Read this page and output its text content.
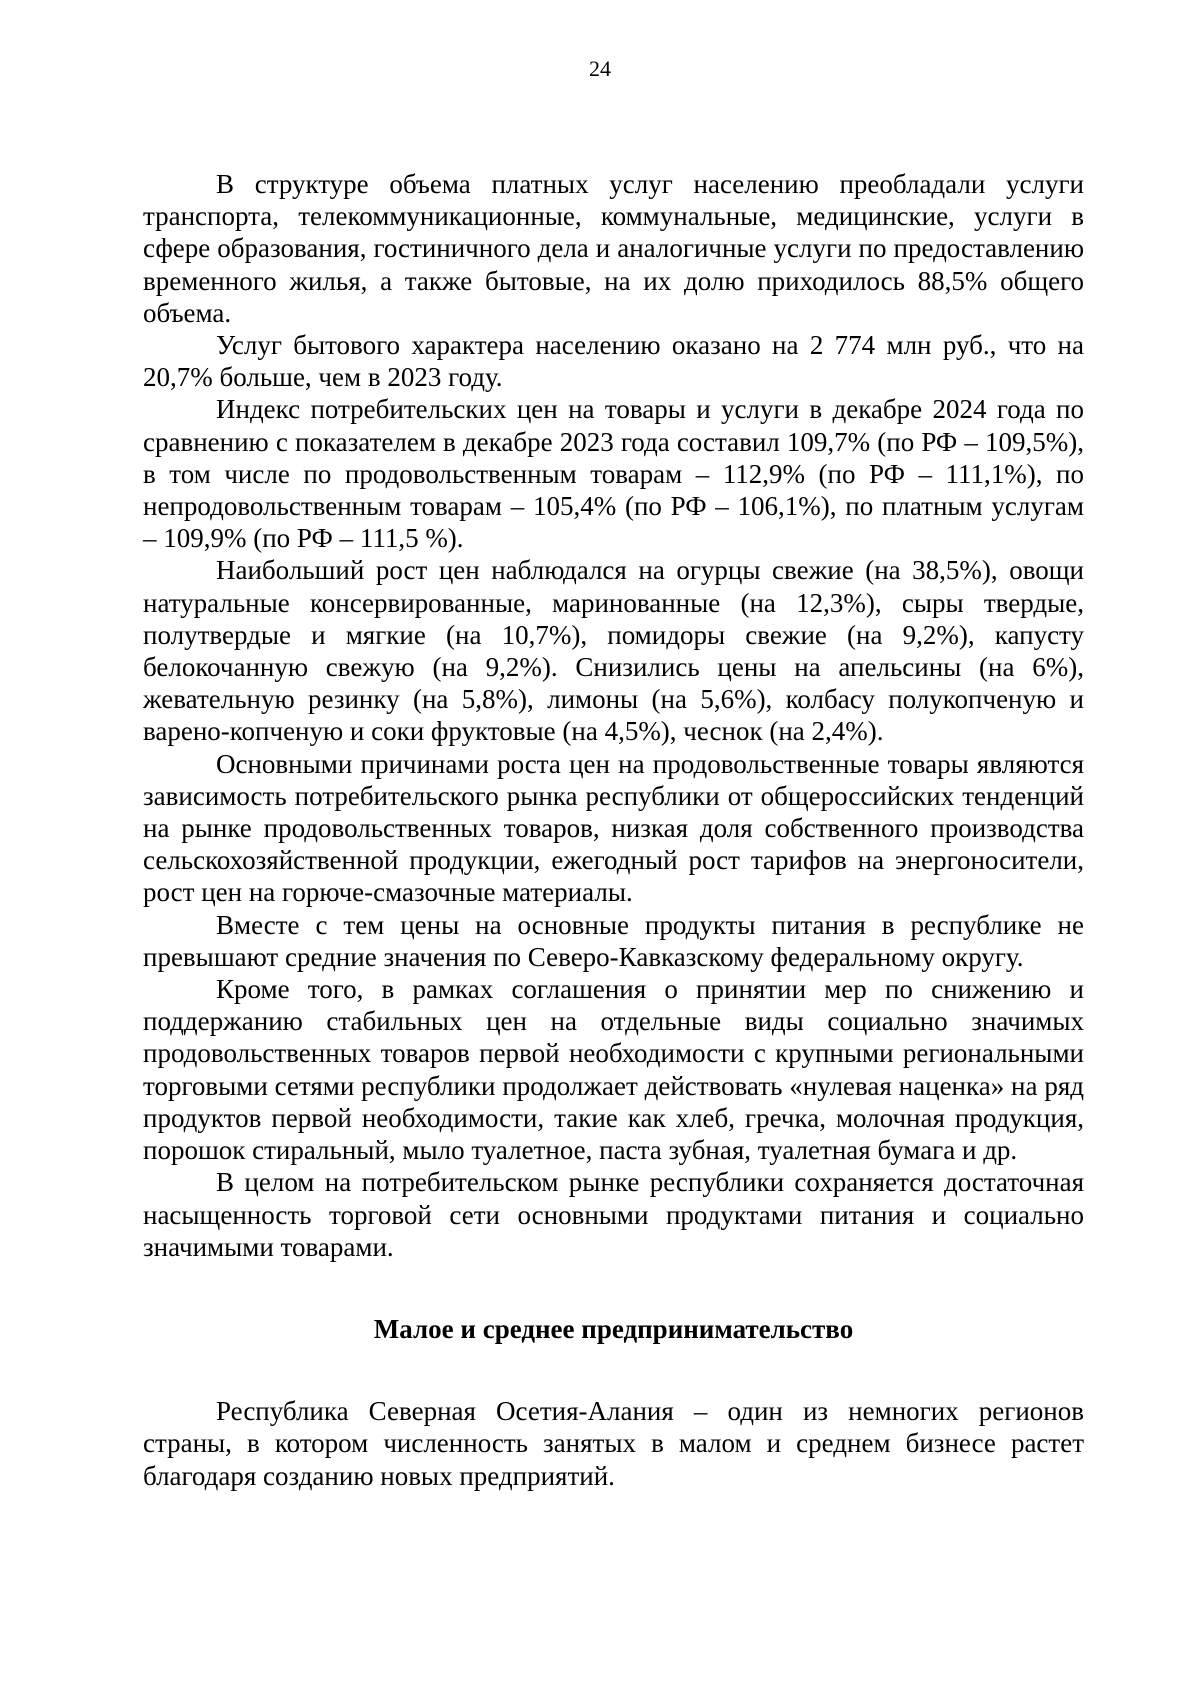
24

В структуре объема платных услуг населению преобладали услуги транспорта, телекоммуникационные, коммунальные, медицинские, услуги в сфере образования, гостиничного дела и аналогичные услуги по предоставлению временного жилья, а также бытовые, на их долю приходилось 88,5% общего объема.

Услуг бытового характера населению оказано на 2 774 млн руб., что на 20,7% больше, чем в 2023 году.

Индекс потребительских цен на товары и услуги в декабре 2024 года по сравнению с показателем в декабре 2023 года составил 109,7% (по РФ – 109,5%), в том числе по продовольственным товарам – 112,9% (по РФ – 111,1%), по непродовольственным товарам – 105,4% (по РФ – 106,1%), по платным услугам – 109,9% (по РФ – 111,5 %).

Наибольший рост цен наблюдался на огурцы свежие (на 38,5%), овощи натуральные консервированные, маринованные (на 12,3%), сыры твердые, полутвердые и мягкие (на 10,7%), помидоры свежие (на 9,2%), капусту белокочанную свежую (на 9,2%). Снизились цены на апельсины (на 6%), жевательную резинку (на 5,8%), лимоны (на 5,6%), колбасу полукопченую и варено-копченую и соки фруктовые (на 4,5%), чеснок (на 2,4%).

Основными причинами роста цен на продовольственные товары являются зависимость потребительского рынка республики от общероссийских тенденций на рынке продовольственных товаров, низкая доля собственного производства сельскохозяйственной продукции, ежегодный рост тарифов на энергоносители, рост цен на горюче-смазочные материалы.

Вместе с тем цены на основные продукты питания в республике не превышают средние значения по Северо-Кавказскому федеральному округу.

Кроме того, в рамках соглашения о принятии мер по снижению и поддержанию стабильных цен на отдельные виды социально значимых продовольственных товаров первой необходимости с крупными региональными торговыми сетями республики продолжает действовать «нулевая наценка» на ряд продуктов первой необходимости, такие как хлеб, гречка, молочная продукция, порошок стиральный, мыло туалетное, паста зубная, туалетная бумага и др.

В целом на потребительском рынке республики сохраняется достаточная насыщенность торговой сети основными продуктами питания и социально значимыми товарами.

Малое и среднее предпринимательство

Республика Северная Осетия-Алания – один из немногих регионов страны, в котором численность занятых в малом и среднем бизнесе растет благодаря созданию новых предприятий.
